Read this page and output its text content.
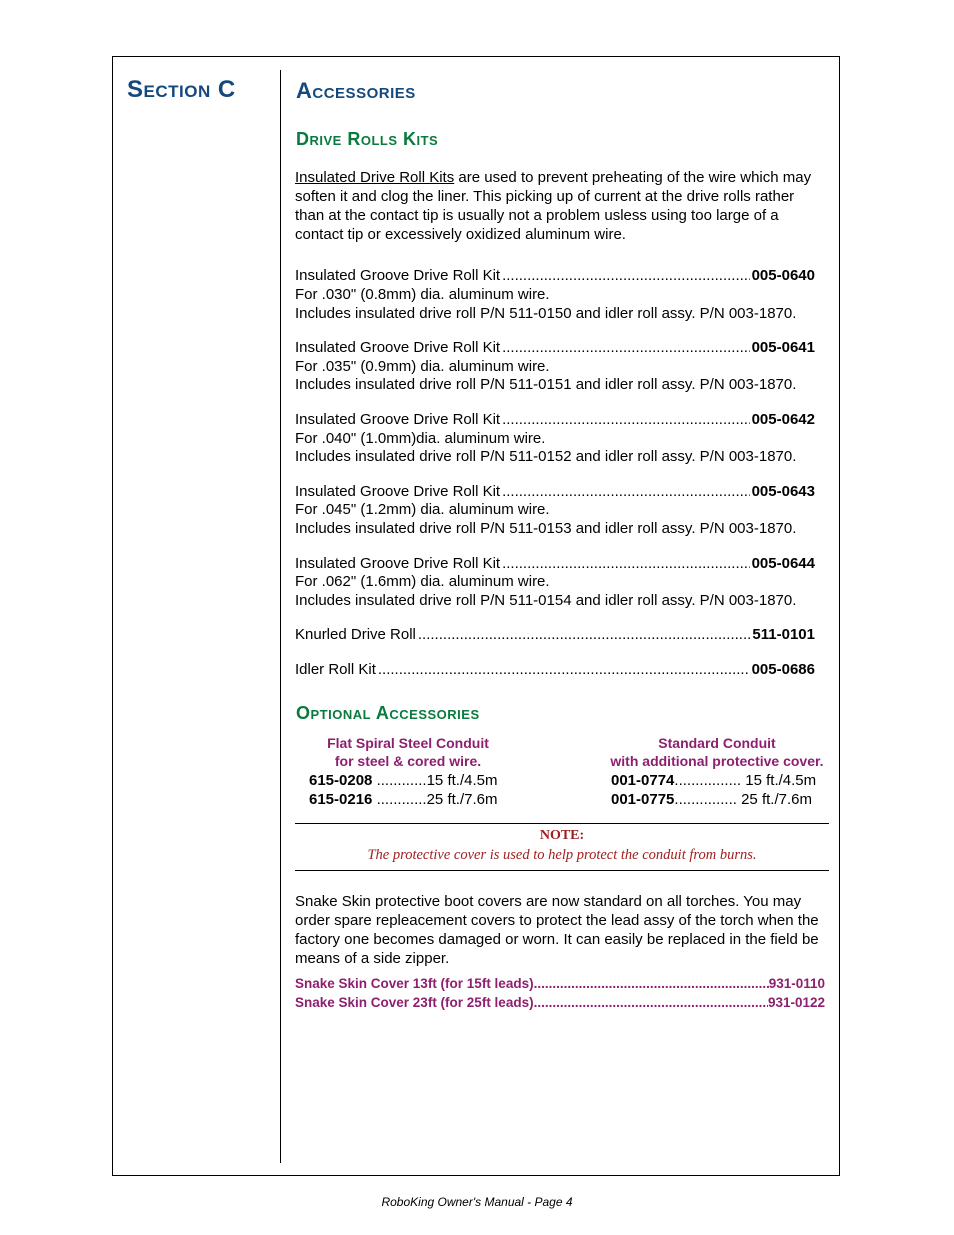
Section C	Accessories
Drive Rolls Kits
Insulated Drive Roll Kits are used to prevent preheating of the wire which may soften it and clog the liner. This picking up of current at the drive rolls rather than at the contact tip is usually not a problem usless using too large of a contact tip or excessively oxidized aluminum wire.
Insulated Groove Drive Roll Kit .....	005-0640
For .030" (0.8mm) dia. aluminum wire.
Includes insulated drive roll P/N 511-0150 and idler roll assy. P/N 003-1870.
Insulated Groove Drive Roll Kit .....	005-0641
For .035" (0.9mm) dia. aluminum wire.
Includes insulated drive roll P/N 511-0151 and idler roll assy. P/N 003-1870.
Insulated Groove Drive Roll Kit .....	005-0642
For .040" (1.0mm)dia. aluminum wire.
Includes insulated drive roll P/N 511-0152 and idler roll assy. P/N 003-1870.
Insulated Groove Drive Roll Kit .....	005-0643
For .045" (1.2mm) dia. aluminum wire.
Includes insulated drive roll P/N 511-0153 and idler roll assy. P/N 003-1870.
Insulated Groove Drive Roll Kit .....	005-0644
For .062" (1.6mm) dia. aluminum wire.
Includes insulated drive roll P/N 511-0154 and idler roll assy. P/N 003-1870.
Knurled Drive Roll .....	511-0101
Idler Roll Kit .....	005-0686
Optional Accessories
Flat Spiral Steel Conduit
for steel & cored wire.
615-0208 ............15 ft./4.5m
615-0216 ............25 ft./7.6m
Standard Conduit
with additional protective cover.
001-0774................ 15 ft./4.5m
001-0775............... 25 ft./7.6m
NOTE:
The protective cover is used to help protect the conduit from burns.
Snake Skin protective boot covers are now standard on all torches. You may order spare repleacement covers to protect the lead assy of the torch when the factory one becomes damaged or worn. It can easily be replaced in the field be means of a side zipper.
Snake Skin Cover 13ft (for 15ft leads) .....	931-0110
Snake Skin Cover 23ft (for 25ft leads) .....	931-0122
RoboKing Owner's Manual - Page 4
